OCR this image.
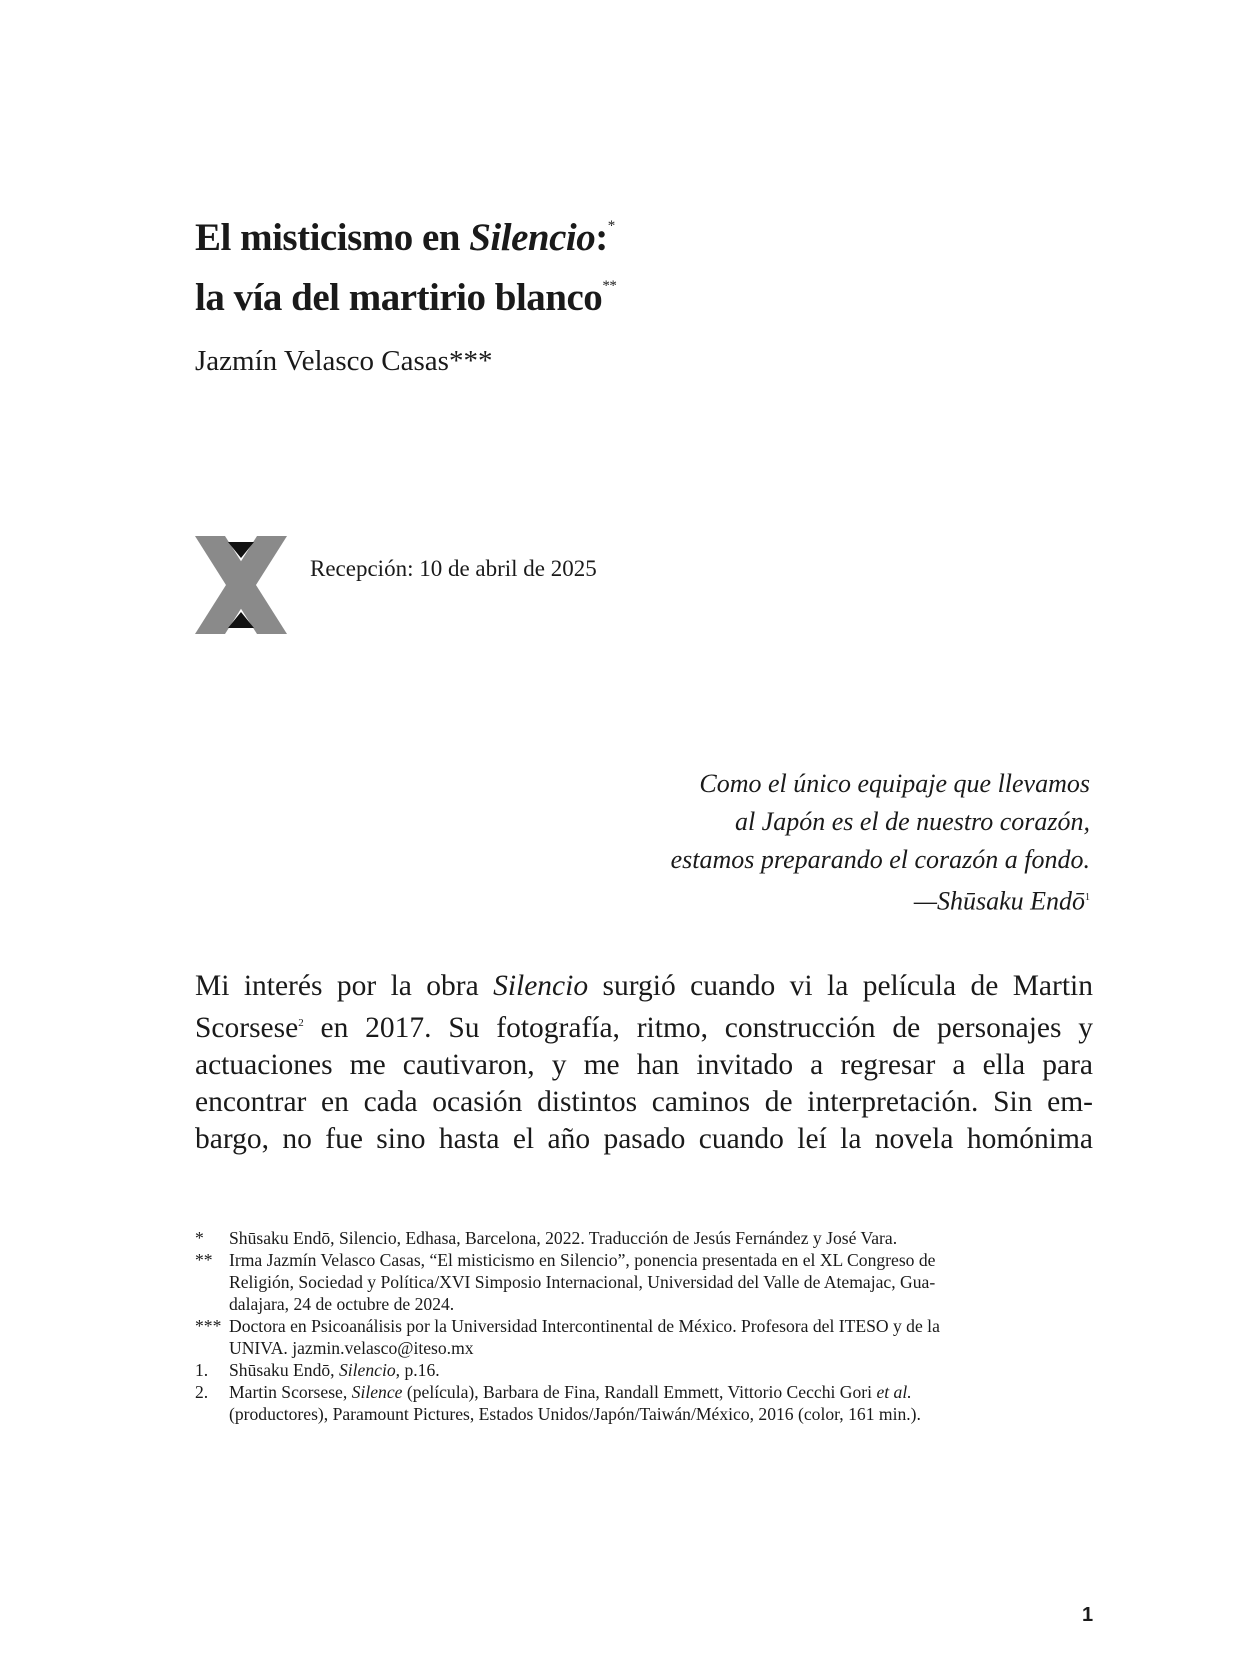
El misticismo en Silencio:*
la vía del martirio blanco**
Jazmín Velasco Casas***
Recepción: 10 de abril de 2025
Como el único equipaje que llevamos
al Japón es el de nuestro corazón,
estamos preparando el corazón a fondo.
—Shūsaku Endō$^1$
Mi interés por la obra Silencio surgió cuando vi la película de Martin
Scorsese$^2$ en 2017. Su fotografía, ritmo, construcción de personajes y
actuaciones me cautivaron, y me han invitado a regresar a ella para
encontrar en cada ocasión distintos caminos de interpretación. Sin em-
bargo, no fue sino hasta el año pasado cuando leí la novela homónima
*	Shūsaku Endō, Silencio, Edhasa, Barcelona, 2022. Traducción de Jesús Fernández y José Vara.
** Irma Jazmín Velasco Casas, “El misticismo en Silencio”, ponencia presentada en el XL Congreso de
Religión, Sociedad y Política/XVI Simposio Internacional, Universidad del Valle de Atemajac, Gua-
dalajara, 24 de octubre de 2024.
*** Doctora en Psicoanálisis por la Universidad Intercontinental de México. Profesora del ITESO y de la
UNIVA. jazmin.velasco@iteso.mx
1.	Shūsaku Endō, Silencio, p.16.
2.	Martin Scorsese, Silence (película), Barbara de Fina, Randall Emmett, Vittorio Cecchi Gori et al.
(productores), Paramount Pictures, Estados Unidos/Japón/Taiwán/México, 2016 (color, 161 min.).
1
